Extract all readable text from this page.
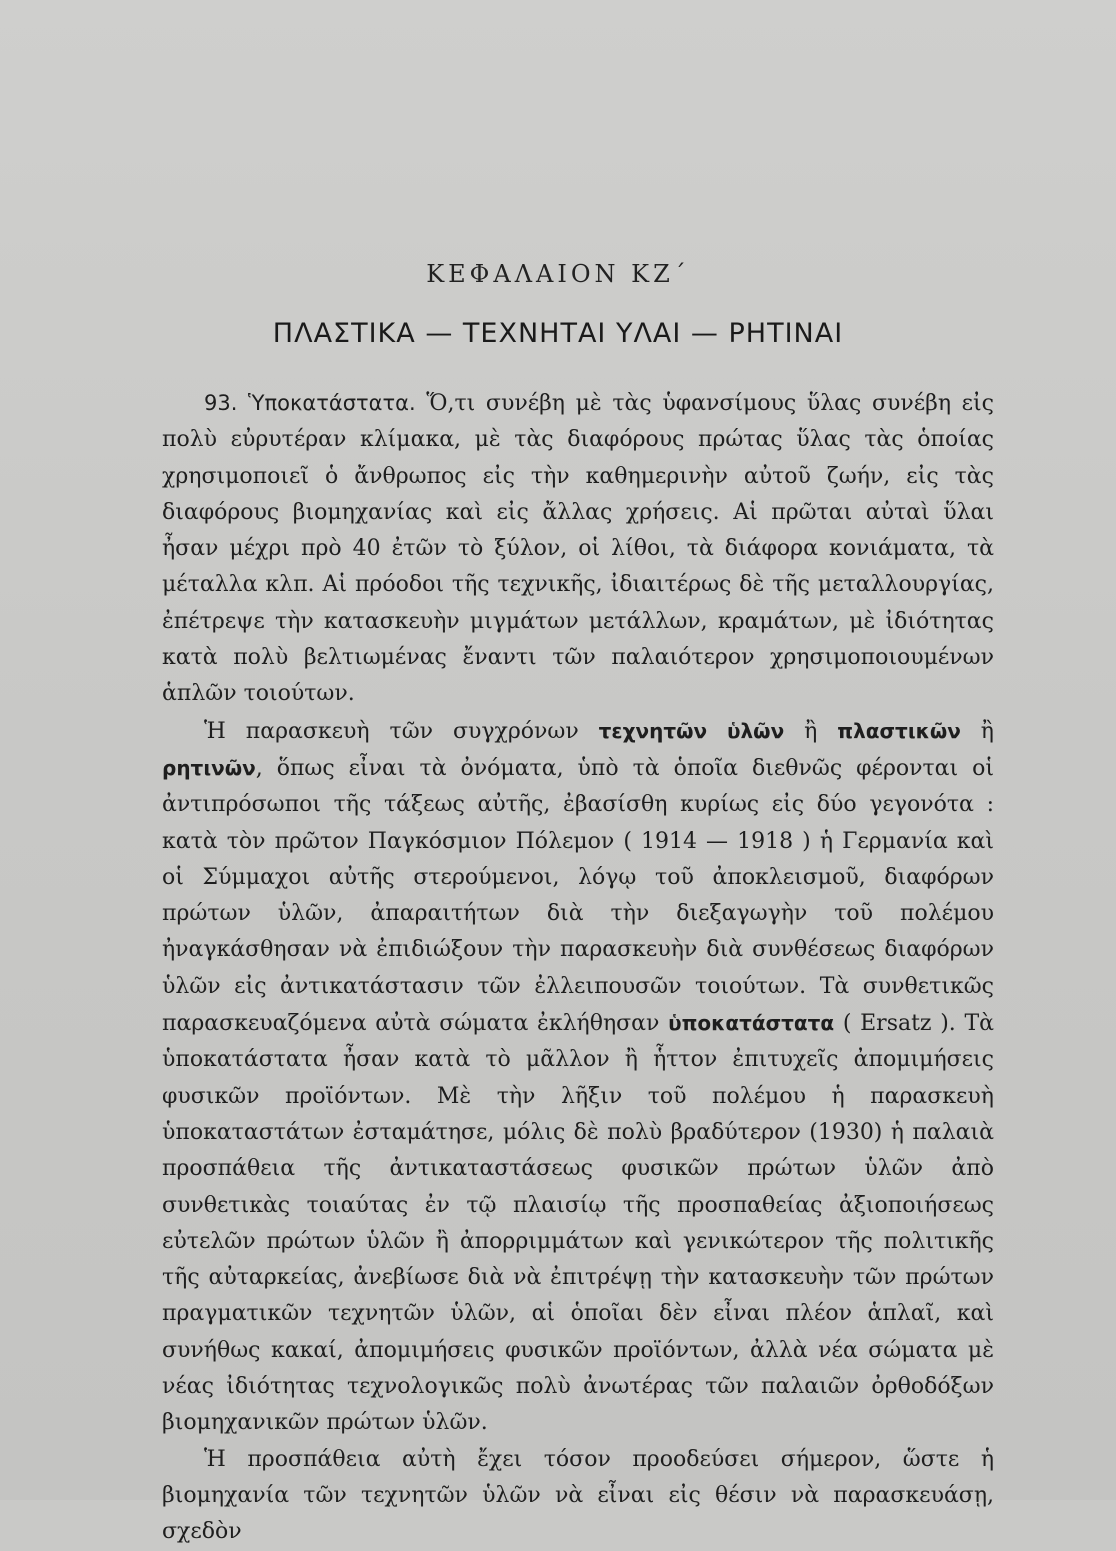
ΚΕΦΑΛΑΙΟΝ ΚΖ΄
ΠΛΑΣΤΙΚΑ — ΤΕΧΝΗΤΑΙ ΥΛΑΙ — ΡΗΤΙΝΑΙ

93. Ὑποκατάστατα. Ὅ,τι συνέβη μὲ τὰς ὑφανσίμους ὕλας συνέβη εἰς πολὺ εὐρυτέραν κλίμακα, μὲ τὰς διαφόρους πρώτας ὕλας τὰς ὁποίας χρησιμοποιεῖ ὁ ἄνθρωπος εἰς τὴν καθημερινὴν αὐτοῦ ζωήν, εἰς τὰς διαφόρους βιομηχανίας καὶ εἰς ἄλλας χρήσεις. Αἱ πρῶται αὐταὶ ὕλαι ἦσαν μέχρι πρὸ 40 ἐτῶν τὸ ξύλον, οἱ λίθοι, τὰ διάφορα κονιάματα, τὰ μέταλλα κλπ. Αἱ πρόοδοι τῆς τεχνικῆς, ἰδιαιτέρως δὲ τῆς μεταλλουργίας, ἐπέτρεψε τὴν κατασκευὴν μιγμάτων μετάλλων, κραμάτων, μὲ ἰδιότητας κατὰ πολὺ βελτιωμένας ἔναντι τῶν παλαιότερον χρησιμοποιουμένων ἁπλῶν τοιούτων.

Ἡ παρασκευὴ τῶν συγχρόνων τεχνητῶν ὑλῶν ἢ πλαστικῶν ἢ ρητινῶν, ὅπως εἶναι τὰ ὀνόματα, ὑπὸ τὰ ὁποῖα διεθνῶς φέρονται οἱ ἀντιπρόσωποι τῆς τάξεως αὐτῆς, ἐβασίσθη κυρίως εἰς δύο γεγονότα : κατὰ τὸν πρῶτον Παγκόσμιον Πόλεμον ( 1914 — 1918 ) ἡ Γερμανία καὶ οἱ Σύμμαχοι αὐτῆς στερούμενοι, λόγῳ τοῦ ἀποκλεισμοῦ, διαφόρων πρώτων ὑλῶν, ἀπαραιτήτων διὰ τὴν διεξαγωγὴν τοῦ πολέμου ἠναγκάσθησαν νὰ ἐπιδιώξουν τὴν παρασκευὴν διὰ συνθέσεως διαφόρων ὑλῶν εἰς ἀντικατάστασιν τῶν ἐλλειπουσῶν τοιούτων. Τὰ συνθετικῶς παρασκευαζόμενα αὐτὰ σώματα ἐκλήθησαν ὑποκατάστατα ( Ersatz ). Τὰ ὑποκατάστατα ἦσαν κατὰ τὸ μᾶλλον ἢ ἧττον ἐπιτυχεῖς ἀπομιμήσεις φυσικῶν προϊόντων. Μὲ τὴν λῆξιν τοῦ πολέμου ἡ παρασκευὴ ὑποκαταστάτων ἐσταμάτησε, μόλις δὲ πολὺ βραδύτερον (1930) ἡ παλαιὰ προσπάθεια τῆς ἀντικαταστάσεως φυσικῶν πρώτων ὑλῶν ἀπὸ συνθετικὰς τοιαύτας ἐν τῷ πλαισίῳ τῆς προσπαθείας ἀξιοποιήσεως εὐτελῶν πρώτων ὑλῶν ἢ ἀπορριμμάτων καὶ γενικώτερον τῆς πολιτικῆς τῆς αὐταρκείας, ἀνεβίωσε διὰ νὰ ἐπιτρέψῃ τὴν κατασκευὴν τῶν πρώτων πραγματικῶν τεχνητῶν ὑλῶν, αἱ ὁποῖαι δὲν εἶναι πλέον ἁπλαῖ, καὶ συνήθως κακαί, ἀπομιμήσεις φυσικῶν προϊόντων, ἀλλὰ νέα σώματα μὲ νέας ἰδιότητας τεχνολογικῶς πολὺ ἀνωτέρας τῶν παλαιῶν ὀρθοδόξων βιομηχανικῶν πρώτων ὑλῶν.

Ἡ προσπάθεια αὐτὴ ἔχει τόσον προοδεύσει σήμερον, ὥστε ἡ βιομηχανία τῶν τεχνητῶν ὑλῶν νὰ εἶναι εἰς θέσιν νὰ παρασκευάσῃ, σχεδὸν
